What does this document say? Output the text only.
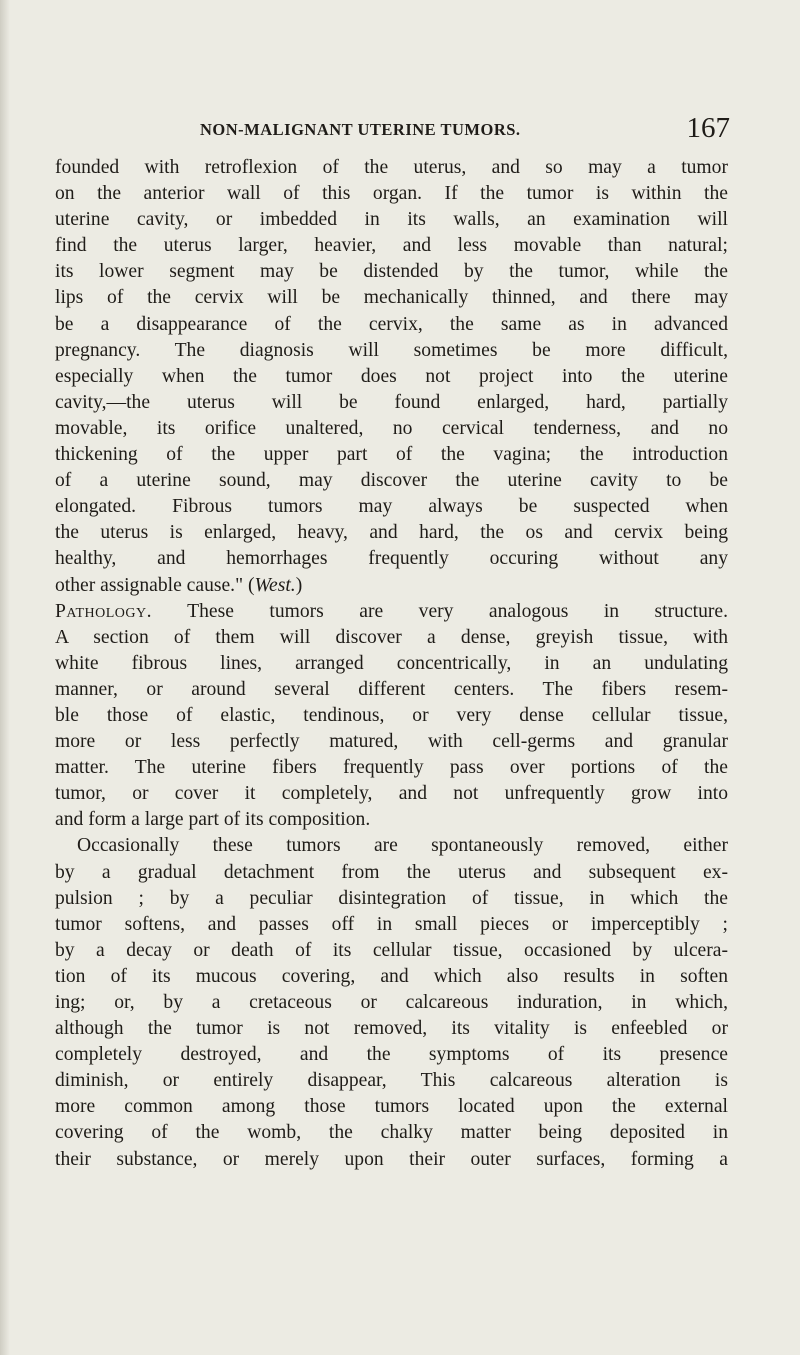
NON-MALIGNANT UTERINE TUMORS.	167
founded with retroflexion of the uterus, and so may a tumor
on the anterior wall of this organ. If the tumor is within the
uterine cavity, or imbedded in its walls, an examination will
find the uterus larger, heavier, and less movable than natural;
its lower segment may be distended by the tumor, while the
lips of the cervix will be mechanically thinned, and there may
be a disappearance of the cervix, the same as in advanced
pregnancy. The diagnosis will sometimes be more difficult,
especially when the tumor does not project into the uterine
cavity,—the uterus will be found enlarged, hard, partially
movable, its orifice unaltered, no cervical tenderness, and no
thickening of the upper part of the vagina; the introduction
of a uterine sound, may discover the uterine cavity to be
elongated. Fibrous tumors may always be suspected when
the uterus is enlarged, heavy, and hard, the os and cervix being
healthy, and hemorrhages frequently occuring without any
other assignable cause." (West.)
Pathology. These tumors are very analogous in structure.
A section of them will discover a dense, greyish tissue, with
white fibrous lines, arranged concentrically, in an undulating
manner, or around several different centers. The fibers resem-
ble those of elastic, tendinous, or very dense cellular tissue,
more or less perfectly matured, with cell-germs and granular
matter. The uterine fibers frequently pass over portions of the
tumor, or cover it completely, and not unfrequently grow into
and form a large part of its composition.
Occasionally these tumors are spontaneously removed, either
by a gradual detachment from the uterus and subsequent ex-
pulsion ; by a peculiar disintegration of tissue, in which the
tumor softens, and passes off in small pieces or imperceptibly ;
by a decay or death of its cellular tissue, occasioned by ulcera-
tion of its mucous covering, and which also results in soften
ing; or, by a cretaceous or calcareous induration, in which,
although the tumor is not removed, its vitality is enfeebled or
completely destroyed, and the symptoms of its presence
diminish, or entirely disappear, This calcareous alteration is
more common among those tumors located upon the external
covering of the womb, the chalky matter being deposited in
their substance, or merely upon their outer surfaces, forming a
